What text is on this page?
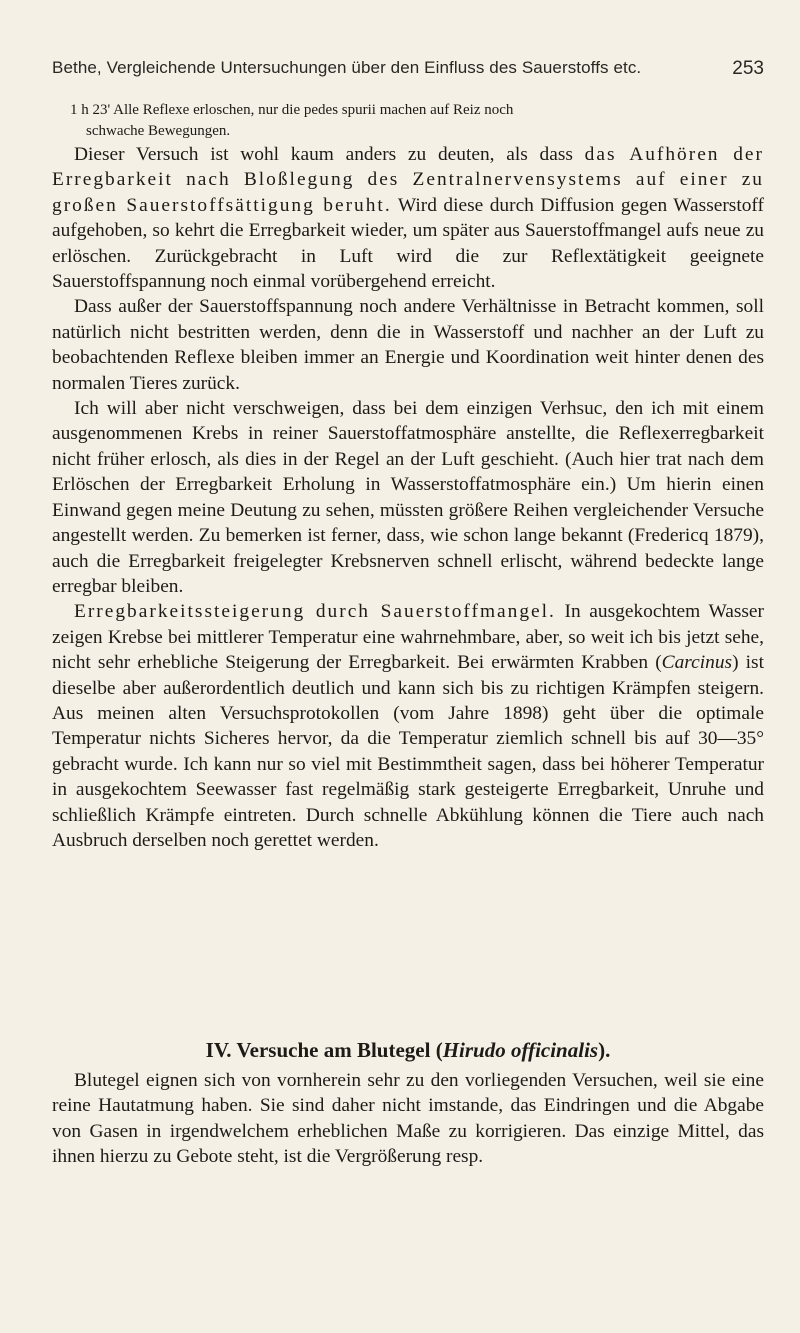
Bethe, Vergleichende Untersuchungen über den Einfluss des Sauerstoffs etc.	253
1 h 23' Alle Reflexe erloschen, nur die pedes spurii machen auf Reiz noch
schwache Bewegungen.

Dieser Versuch ist wohl kaum anders zu deuten, als dass das Aufhören der Erregbarkeit nach Bloßlegung des Zentralnervensystems auf einer zu großen Sauerstoffsättigung beruht. Wird diese durch Diffusion gegen Wasserstoff aufgehoben, so kehrt die Erregbarkeit wieder, um später aus Sauerstoffmangel aufs neue zu erlöschen. Zurückgebracht in Luft wird die zur Reflextätigkeit geeignete Sauerstoffspannung noch einmal vorübergehend erreicht.

Dass außer der Sauerstoffspannung noch andere Verhältnisse in Betracht kommen, soll natürlich nicht bestritten werden, denn die in Wasserstoff und nachher an der Luft zu beobachtenden Reflexe bleiben immer an Energie und Koordination weit hinter denen des normalen Tieres zurück.

Ich will aber nicht verschweigen, dass bei dem einzigen Verhsuc, den ich mit einem ausgenommenen Krebs in reiner Sauerstoffatmosphäre anstellte, die Reflexerregbarkeit nicht früher erlosch, als dies in der Regel an der Luft geschieht. (Auch hier trat nach dem Erlöschen der Erregbarkeit Erholung in Wasserstoffatmosphäre ein.) Um hierin einen Einwand gegen meine Deutung zu sehen, müssten größere Reihen vergleichender Versuche angestellt werden. Zu bemerken ist ferner, dass, wie schon lange bekannt (Fredericq 1879), auch die Erregbarkeit freigelegter Krebsnerven schnell erlischt, während bedeckte lange erregbar bleiben.

Erregbarkeitssteigerung durch Sauerstoffmangel. In ausgekochtem Wasser zeigen Krebse bei mittlerer Temperatur eine wahrnehmbare, aber, so weit ich bis jetzt sehe, nicht sehr erhebliche Steigerung der Erregbarkeit. Bei erwärmten Krabben (Carcinus) ist dieselbe aber außerordentlich deutlich und kann sich bis zu richtigen Krämpfen steigern. Aus meinen alten Versuchsprotokollen (vom Jahre 1898) geht über die optimale Temperatur nichts Sicheres hervor, da die Temperatur ziemlich schnell bis auf 30—35° gebracht wurde. Ich kann nur so viel mit Bestimmtheit sagen, dass bei höherer Temperatur in ausgekochtem Seewasser fast regelmäßig stark gesteigerte Erregbarkeit, Unruhe und schließlich Krämpfe eintreten. Durch schnelle Abkühlung können die Tiere auch nach Ausbruch derselben noch gerettet werden.

IV. Versuche am Blutegel (Hirudo officinalis).

Blutegel eignen sich von vornherein sehr zu den vorliegenden Versuchen, weil sie eine reine Hautatmung haben. Sie sind daher nicht imstande, das Eindringen und die Abgabe von Gasen in irgendwelchem erheblichen Maße zu korrigieren. Das einzige Mittel, das ihnen hierzu zu Gebote steht, ist die Vergrößerung resp.
